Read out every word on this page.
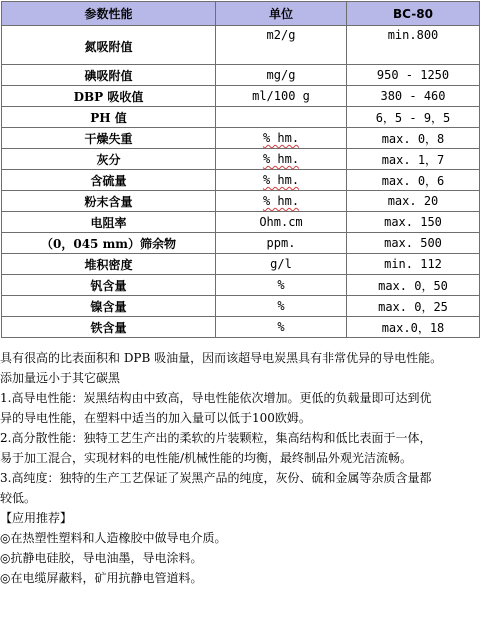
参数性能	单位	BC-80
氮吸附值	m2/g	min.800
碘吸附值	mg/g	950 - 1250
DBP 吸收值	ml/100 g	380 - 460
PH 值		6，5 - 9，5
干燥失重	% hm.	max. 0，8
灰分	% hm.	max. 1，7
含硫量	% hm.	max. 0，6
粉末含量	% hm.	max. 20
电阻率	Ohm.cm	max. 150
（0，045 mm）筛余物	ppm.	max. 500
堆积密度	g/l	min. 112
钒含量	%	max. 0，50
镍含量	%	max. 0，25
铁含量	%	max.0，18

具有很高的比表面积和 DPB 吸油量，因而该超导电炭黑具有非常优异的导电性能。

添加量远小于其它碳黑

1.高导电性能：炭黑结构由中致高，导电性能依次增加。更低的负载量即可达到优

异的导电性能，在塑料中适当的加入量可以低于100欧姆。

2.高分散性能：独特工艺生产出的柔软的片装颗粒，集高结构和低比表面于一体，

易于加工混合，实现材料的电性能/机械性能的均衡，最终制品外观光洁流畅。

3.高纯度：独特的生产工艺保证了炭黑产品的纯度，灰份、硫和金属等杂质含量都

较低。

【应用推荐】

◎在热塑性塑料和人造橡胶中做导电介质。

◎抗静电硅胶，导电油墨，导电涂料。

◎在电缆屏蔽料，矿用抗静电管道料。
